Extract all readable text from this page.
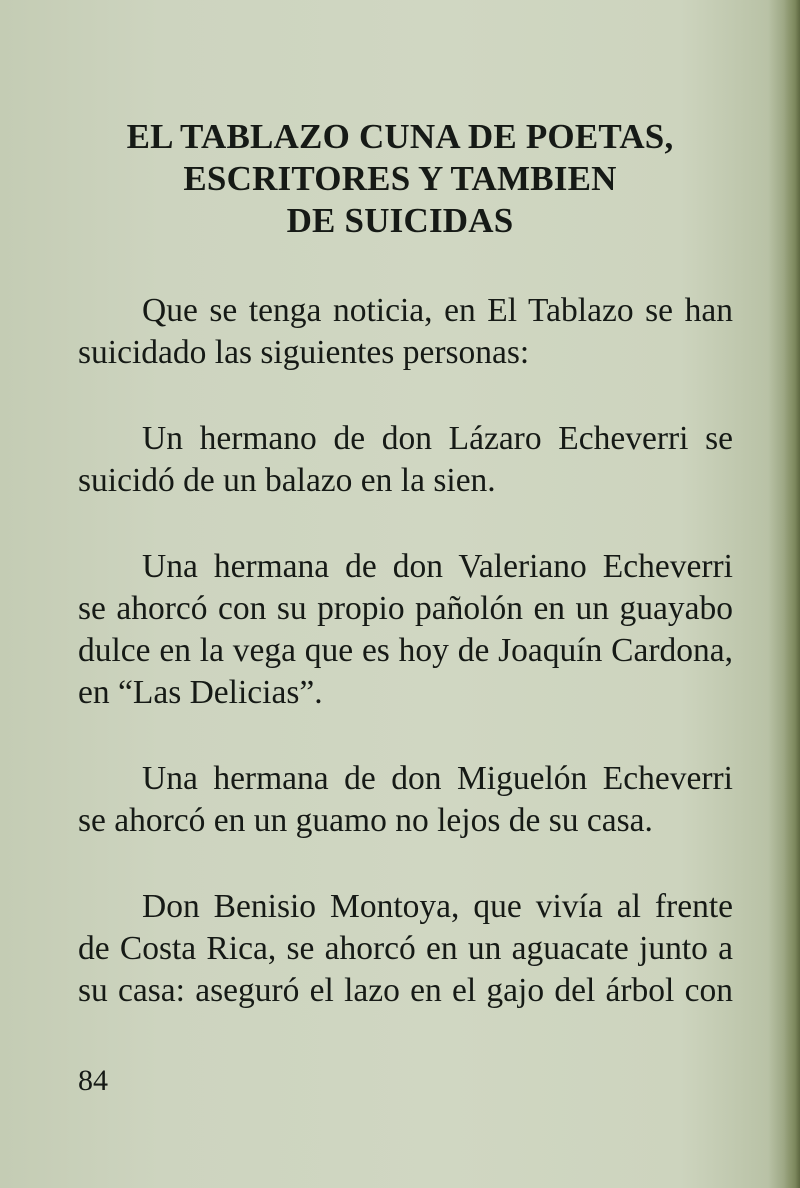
EL TABLAZO CUNA DE POETAS,
ESCRITORES Y TAMBIEN
DE SUICIDAS
Que se tenga noticia, en El Tablazo se han
suicidado las siguientes personas:
Un hermano de don Lázaro Echeverri se
suicidó de un balazo en la sien.
Una hermana de don Valeriano Echeverri
se ahorcó con su propio pañolón en un guayabo
dulce en la vega que es hoy de Joaquín Cardona,
en “Las Delicias”.
Una hermana de don Miguelón Echeverri
se ahorcó en un guamo no lejos de su casa.
Don Benisio Montoya, que vivía al frente
de Costa Rica, se ahorcó en un aguacate junto a
su casa: aseguró el lazo en el gajo del árbol con
84
